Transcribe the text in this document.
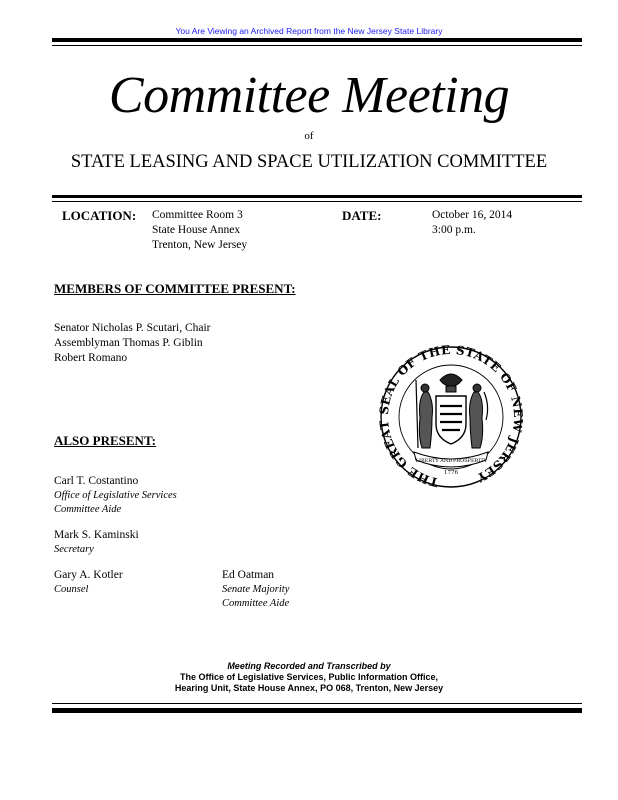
You Are Viewing an Archived Report from the New Jersey State Library
Committee Meeting
of
STATE LEASING AND SPACE UTILIZATION COMMITTEE
LOCATION: Committee Room 3
State House Annex
Trenton, New Jersey
DATE:	October 16, 2014
3:00 p.m.
MEMBERS OF COMMITTEE PRESENT:
Senator Nicholas P. Scutari, Chair
Assemblyman Thomas P. Giblin
Robert Romano
ALSO PRESENT:
Carl T. Costantino
Office of Legislative Services
Committee Aide
Mark S. Kaminski
Secretary
Gary A. Kotler
Counsel
Ed Oatman
Senate Majority
Committee Aide
THE GREAT SEAL OF THE STATE OF NEW JERSEY
LIBERTY AND PROSPERITY
1776
Meeting Recorded and Transcribed by
The Office of Legislative Services, Public Information Office,
Hearing Unit, State House Annex, PO 068, Trenton, New Jersey
